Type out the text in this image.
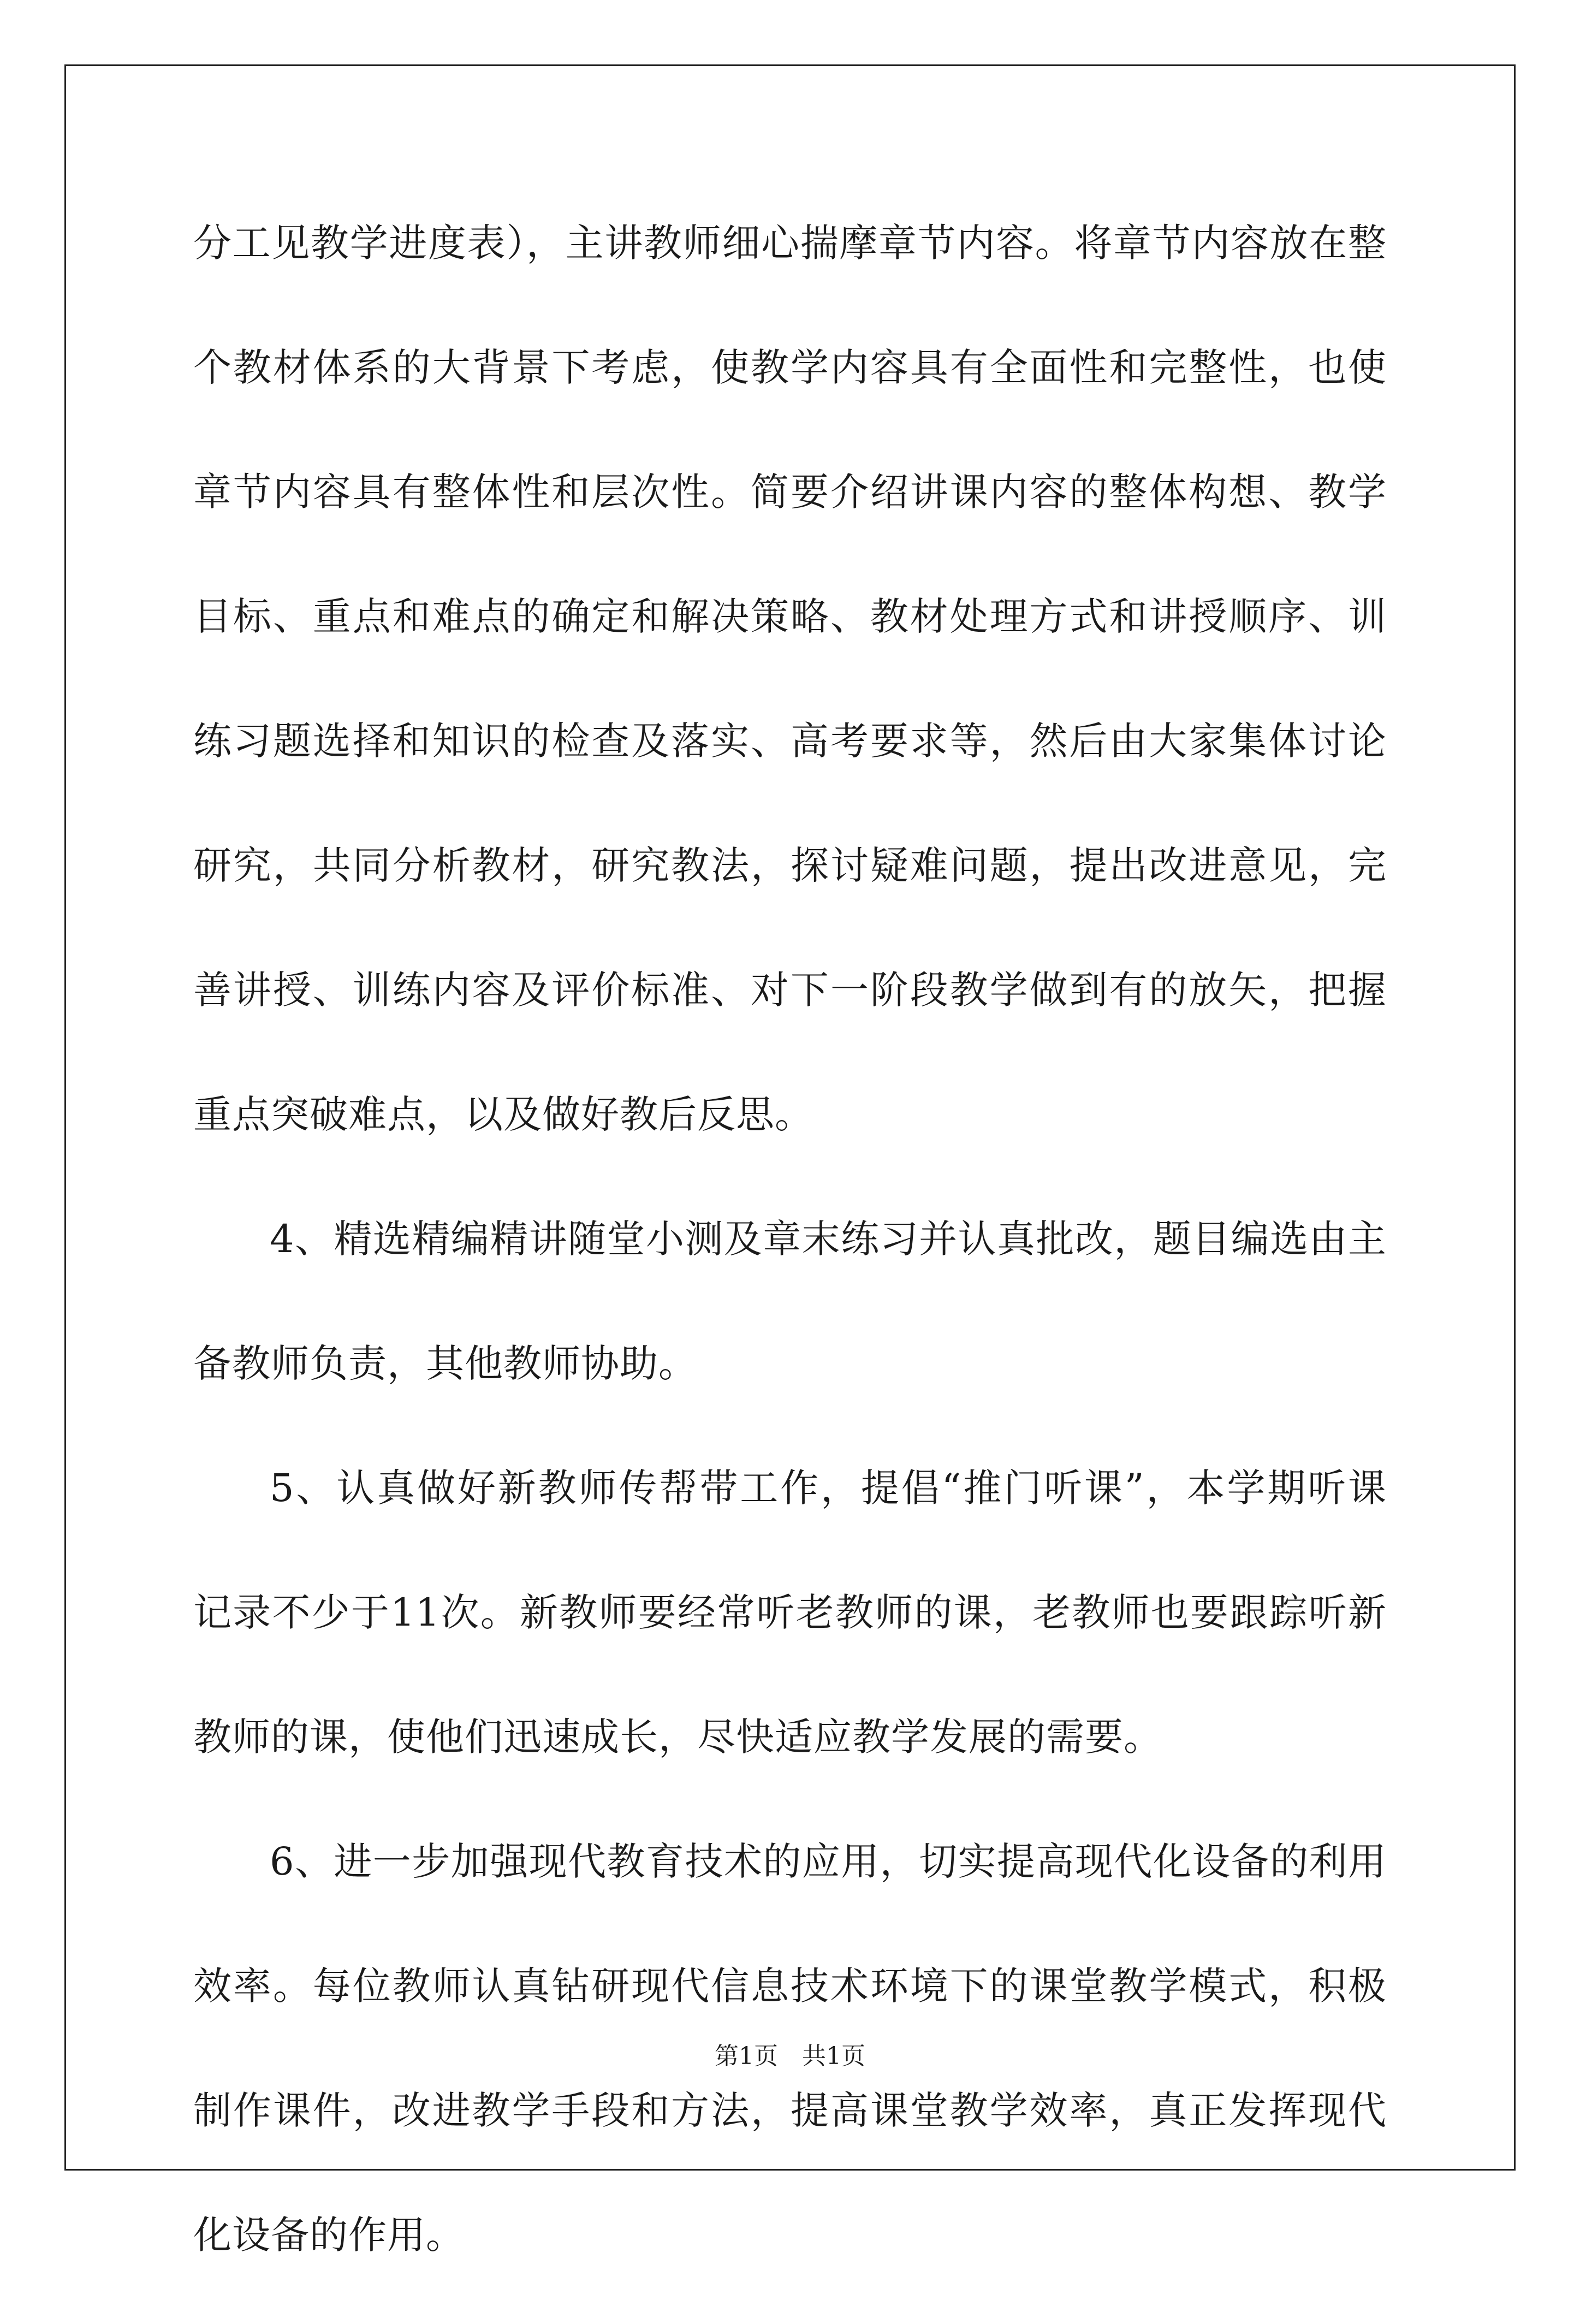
分工见教学进度表），主讲教师细心揣摩章节内容。将章节内容放在整
个教材体系的大背景下考虑，使教学内容具有全面性和完整性，也使
章节内容具有整体性和层次性。简要介绍讲课内容的整体构想、教学
目标、重点和难点的确定和解决策略、教材处理方式和讲授顺序、训
练习题选择和知识的检查及落实、高考要求等，然后由大家集体讨论
研究，共同分析教材，研究教法，探讨疑难问题，提出改进意见，完
善讲授、训练内容及评价标准、对下一阶段教学做到有的放矢，把握
重点突破难点，以及做好教后反思。
4、精选精编精讲随堂小测及章末练习并认真批改，题目编选由主
备教师负责，其他教师协助。
5、认真做好新教师传帮带工作，提倡“推门听课”，本学期听课
记录不少于11次。新教师要经常听老教师的课，老教师也要跟踪听新
教师的课，使他们迅速成长，尽快适应教学发展的需要。
6、进一步加强现代教育技术的应用，切实提高现代化设备的利用
效率。每位教师认真钻研现代信息技术环境下的课堂教学模式，积极
制作课件，改进教学手段和方法，提高课堂教学效率，真正发挥现代
化设备的作用。
第1页　共1页
